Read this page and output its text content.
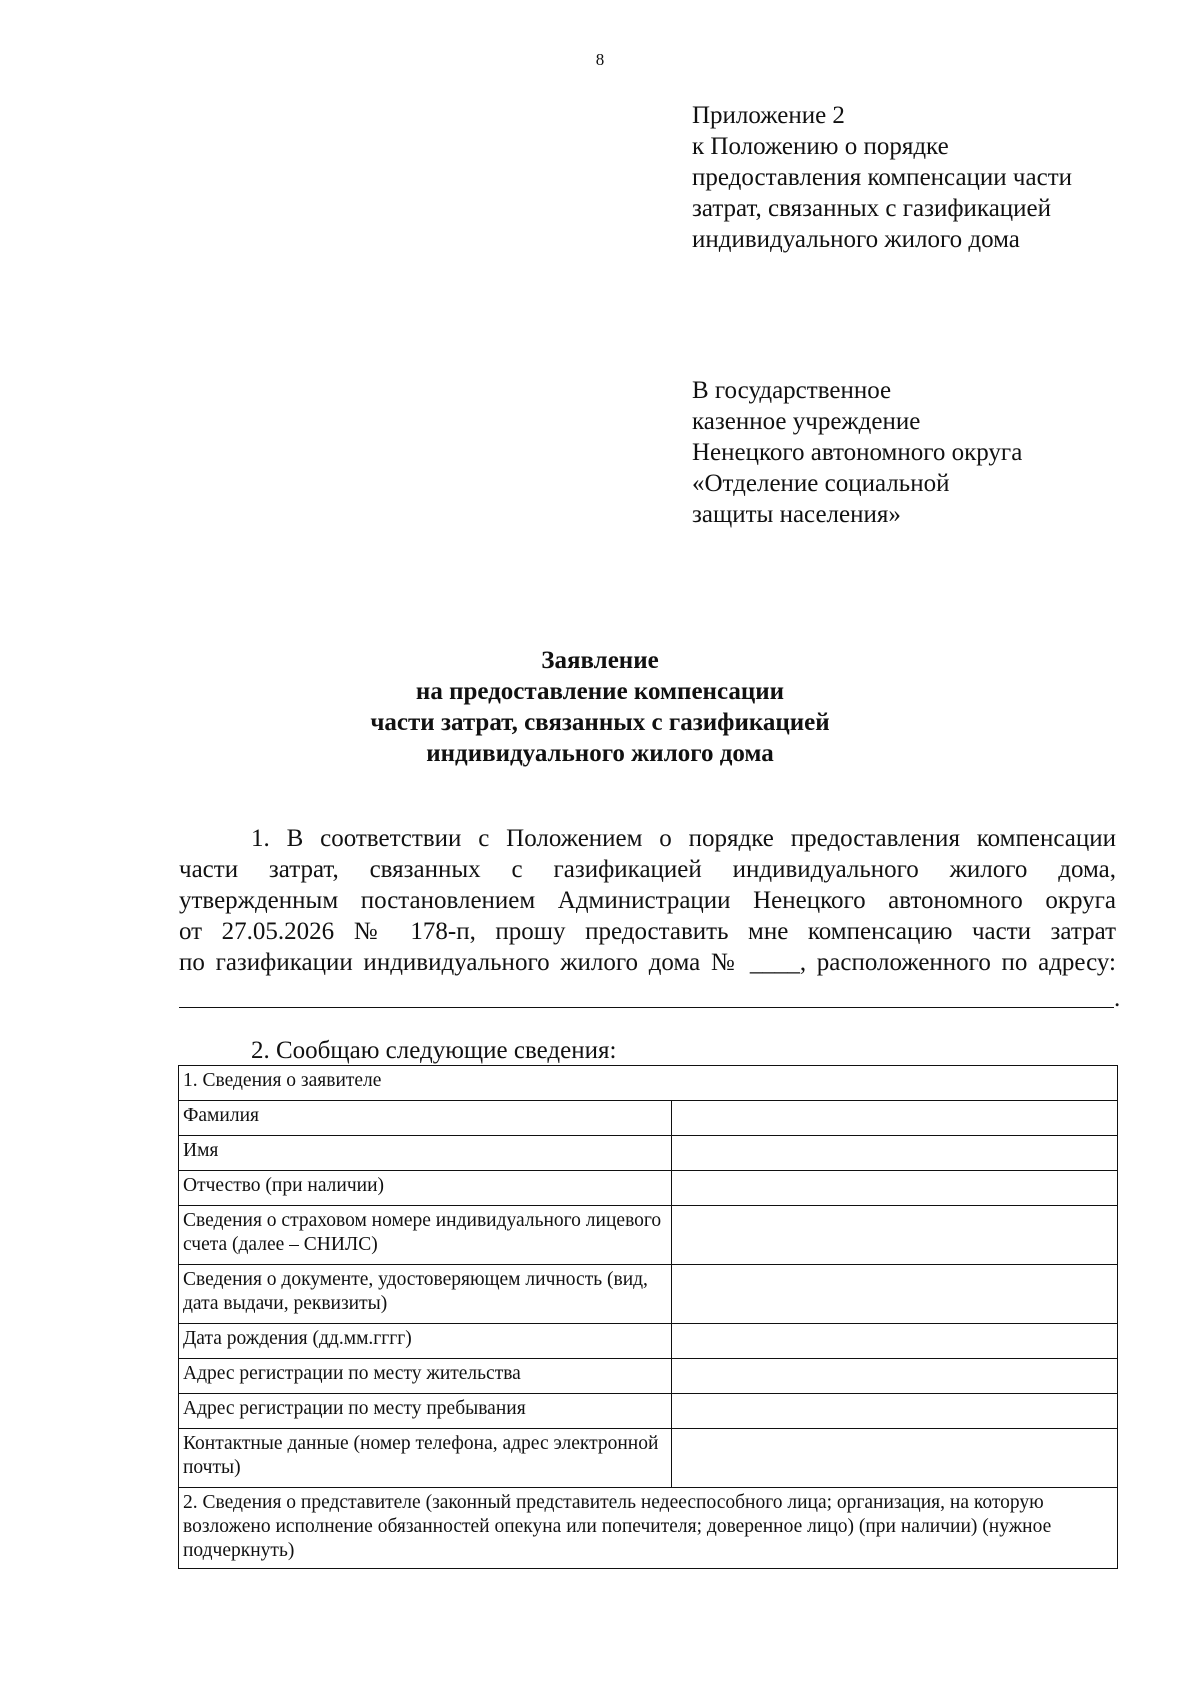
8
Приложение 2
к Положению о порядке
предоставления компенсации части
затрат, связанных с газификацией
индивидуального жилого дома
В государственное
казенное учреждение
Ненецкого автономного округа
«Отделение социальной
защиты населения»
Заявление
на предоставление компенсации
части затрат, связанных с газификацией
индивидуального жилого дома
1. В соответствии с Положением о порядке предоставления компенсации
части затрат, связанных с газификацией индивидуального жилого дома,
утвержденным постановлением Администрации Ненецкого автономного округа
от 27.05.2026 № 178-п, прошу предоставить мне компенсацию части затрат
по газификации индивидуального жилого дома № ____, расположенного по адресу:
.
2. Сообщаю следующие сведения:
1. Сведения о заявителе	
Фамилия	
Имя	
Отчество (при наличии)	
Сведения о страховом номере индивидуального лицевого счета (далее – СНИЛС)	
Сведения о документе, удостоверяющем личность (вид, дата выдачи, реквизиты)	
Дата рождения (дд.мм.гггг)	
Адрес регистрации по месту жительства	
Адрес регистрации по месту пребывания	
Контактные данные (номер телефона, адрес электронной почты)	
2. Сведения о представителе (законный представитель недееспособного лица; организация, на которую возложено исполнение обязанностей опекуна или попечителя; доверенное лицо) (при наличии) (нужное подчеркнуть)	
